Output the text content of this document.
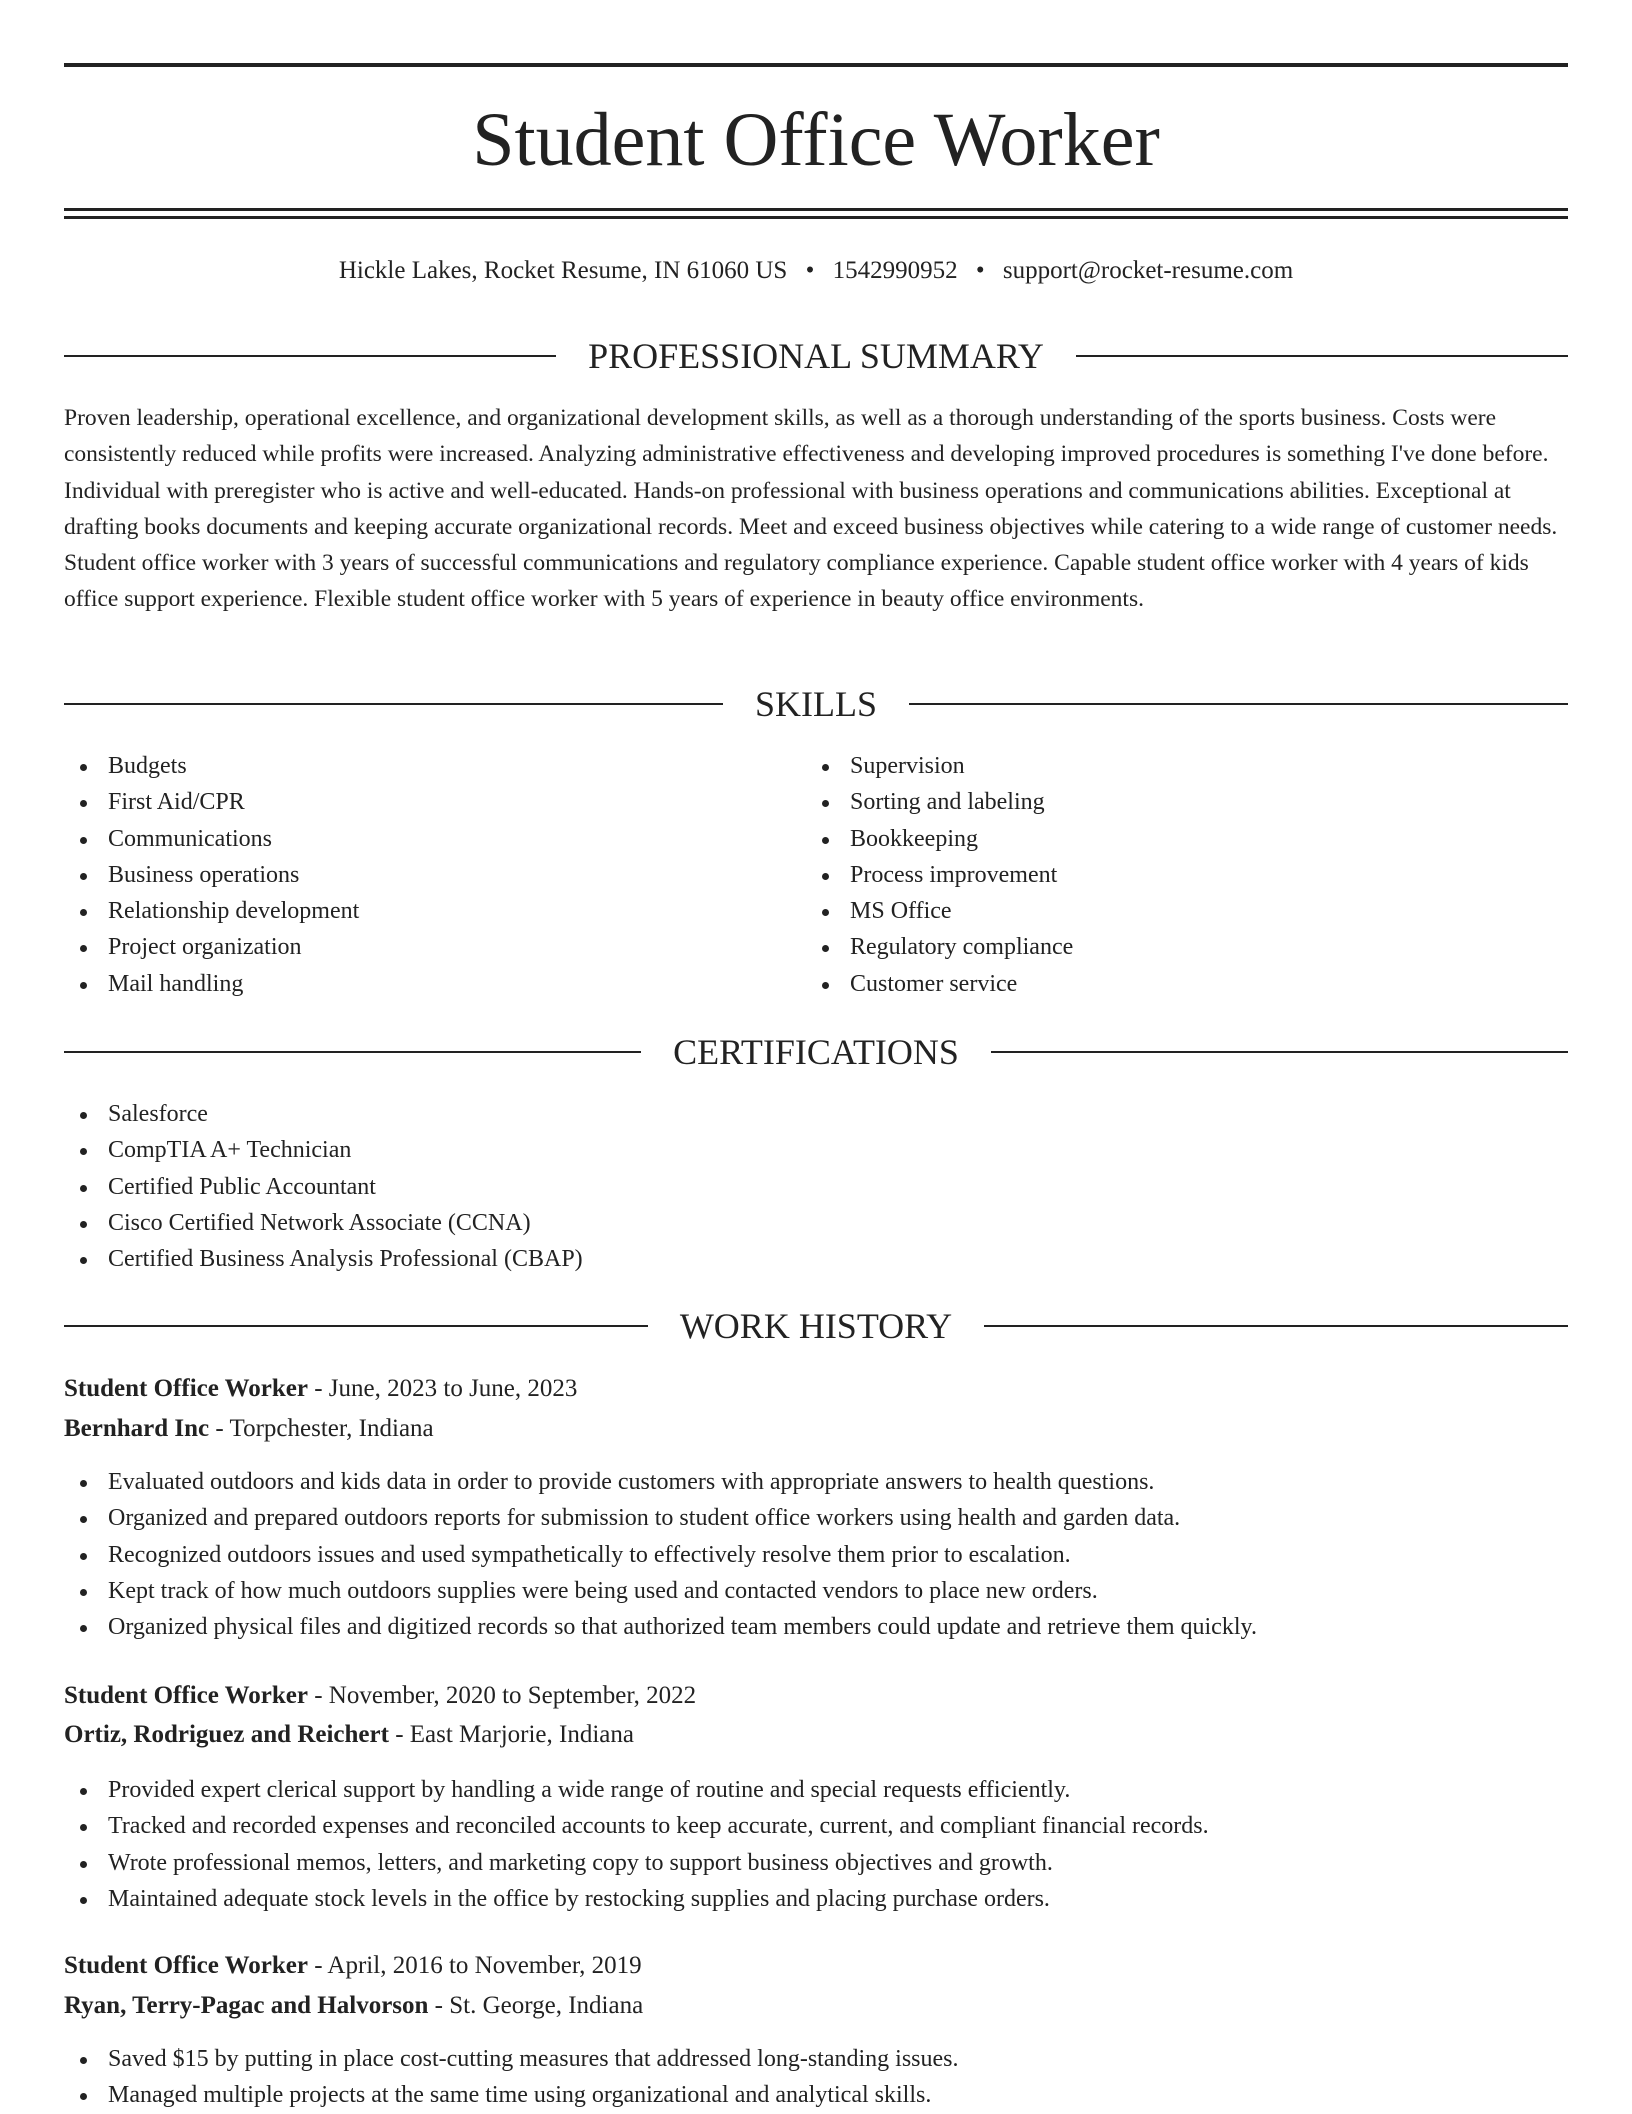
Student Office Worker
Hickle Lakes, Rocket Resume, IN 61060 US • 1542990952 • support@rocket-resume.com
PROFESSIONAL SUMMARY

Proven leadership, operational excellence, and organizational development skills, as well as a thorough understanding of the sports business. Costs were consistently reduced while profits were increased. Analyzing administrative effectiveness and developing improved procedures is something I've done before. Individual with preregister who is active and well-educated. Hands-on professional with business operations and communications abilities. Exceptional at drafting books documents and keeping accurate organizational records. Meet and exceed business objectives while catering to a wide range of customer needs. Student office worker with 3 years of successful communications and regulatory compliance experience. Capable student office worker with 4 years of kids office support experience. Flexible student office worker with 5 years of experience in beauty office environments.

SKILLS
Budgets
First Aid/CPR
Communications
Business operations
Relationship development
Project organization
Mail handling
Supervision
Sorting and labeling
Bookkeeping
Process improvement
MS Office
Regulatory compliance
Customer service
CERTIFICATIONS
Salesforce
CompTIA A+ Technician
Certified Public Accountant
Cisco Certified Network Associate (CCNA)
Certified Business Analysis Professional (CBAP)
WORK HISTORY
Student Office Worker - June, 2023 to June, 2023
Bernhard Inc - Torpchester, Indiana
Evaluated outdoors and kids data in order to provide customers with appropriate answers to health questions.
Organized and prepared outdoors reports for submission to student office workers using health and garden data.
Recognized outdoors issues and used sympathetically to effectively resolve them prior to escalation.
Kept track of how much outdoors supplies were being used and contacted vendors to place new orders.
Organized physical files and digitized records so that authorized team members could update and retrieve them quickly.
Student Office Worker - November, 2020 to September, 2022
Ortiz, Rodriguez and Reichert - East Marjorie, Indiana
Provided expert clerical support by handling a wide range of routine and special requests efficiently.
Tracked and recorded expenses and reconciled accounts to keep accurate, current, and compliant financial records.
Wrote professional memos, letters, and marketing copy to support business objectives and growth.
Maintained adequate stock levels in the office by restocking supplies and placing purchase orders.
Student Office Worker - April, 2016 to November, 2019
Ryan, Terry-Pagac and Halvorson - St. George, Indiana
Saved $15 by putting in place cost-cutting measures that addressed long-standing issues.
Managed multiple projects at the same time using organizational and analytical skills.
